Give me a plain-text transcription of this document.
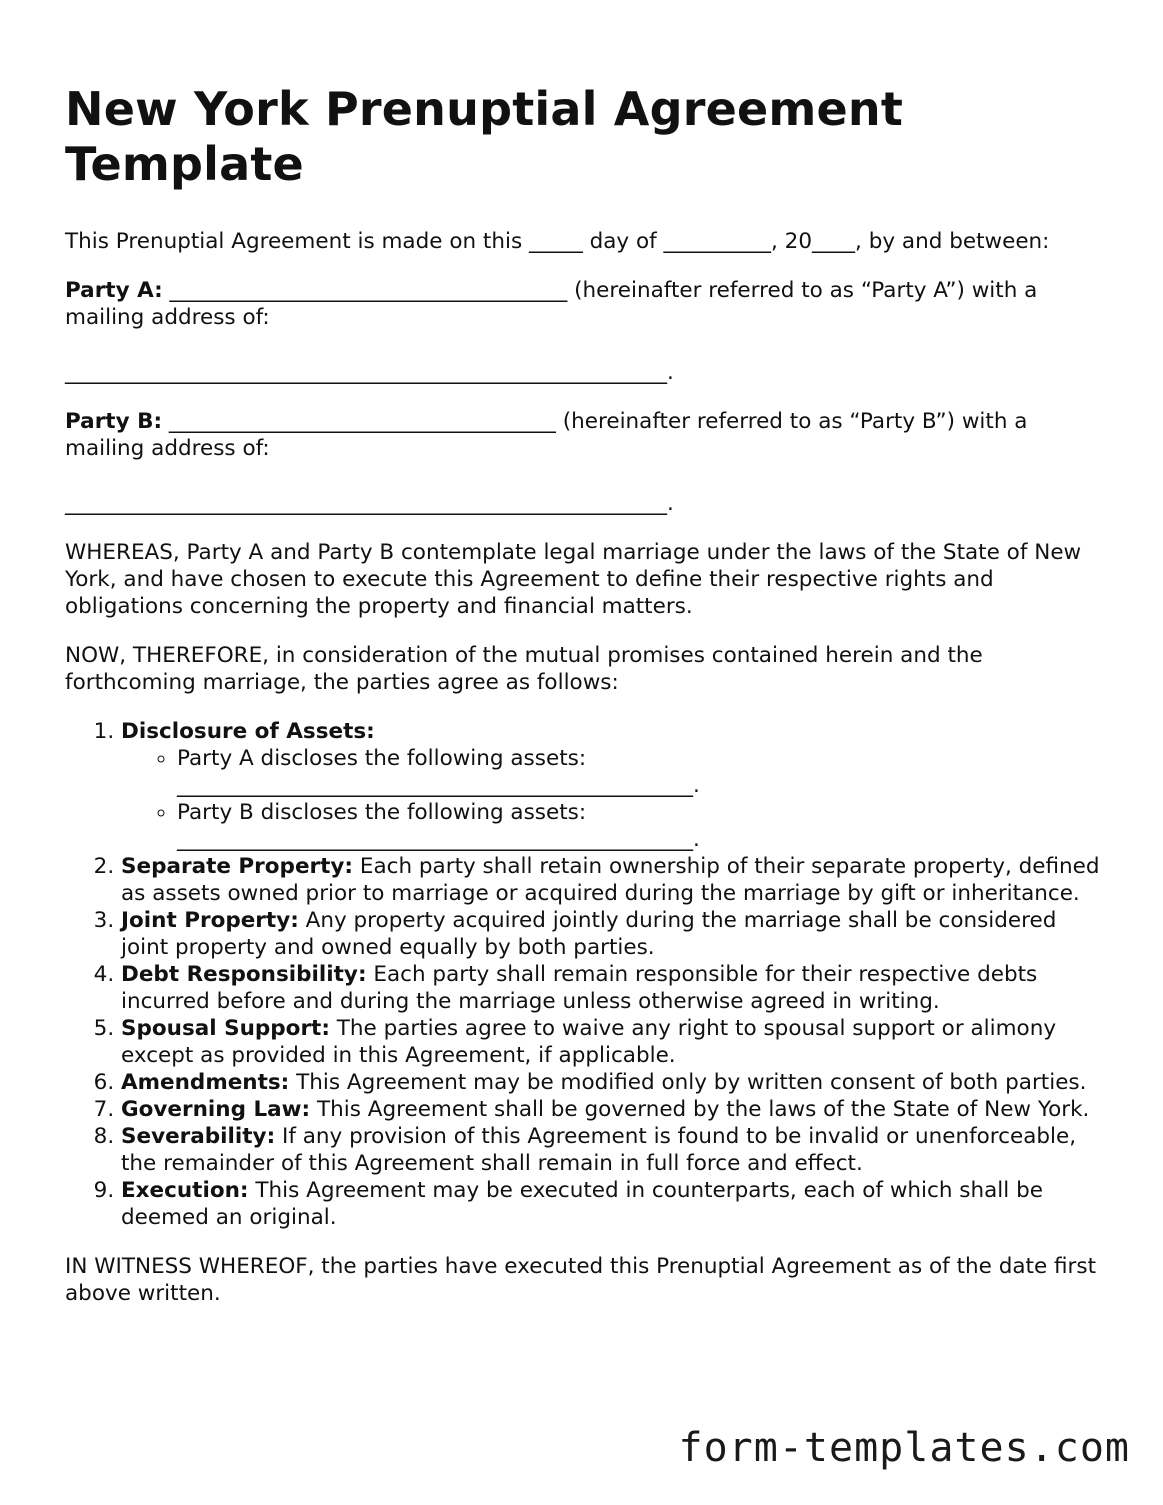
New York Prenuptial Agreement Template

This Prenuptial Agreement is made on this _____ day of __________, 20____, by and between:

Party A: _____________________________________ (hereinafter referred to as “Party A”) with a mailing address of:

________________________________________________________.

Party B: ____________________________________ (hereinafter referred to as “Party B”) with a mailing address of:

________________________________________________________.

WHEREAS, Party A and Party B contemplate legal marriage under the laws of the State of New York, and have chosen to execute this Agreement to define their respective rights and obligations concerning the property and financial matters.

NOW, THEREFORE, in consideration of the mutual promises contained herein and the forthcoming marriage, the parties agree as follows:

1. Disclosure of Assets:
◦ Party A discloses the following assets: ________________________________________________.
◦ Party B discloses the following assets: ________________________________________________.
2. Separate Property: Each party shall retain ownership of their separate property, defined as assets owned prior to marriage or acquired during the marriage by gift or inheritance.
3. Joint Property: Any property acquired jointly during the marriage shall be considered joint property and owned equally by both parties.
4. Debt Responsibility: Each party shall remain responsible for their respective debts incurred before and during the marriage unless otherwise agreed in writing.
5. Spousal Support: The parties agree to waive any right to spousal support or alimony except as provided in this Agreement, if applicable.
6. Amendments: This Agreement may be modified only by written consent of both parties.
7. Governing Law: This Agreement shall be governed by the laws of the State of New York.
8. Severability: If any provision of this Agreement is found to be invalid or unenforceable, the remainder of this Agreement shall remain in full force and effect.
9. Execution: This Agreement may be executed in counterparts, each of which shall be deemed an original.

IN WITNESS WHEREOF, the parties have executed this Prenuptial Agreement as of the date first above written.

form-templates.com
